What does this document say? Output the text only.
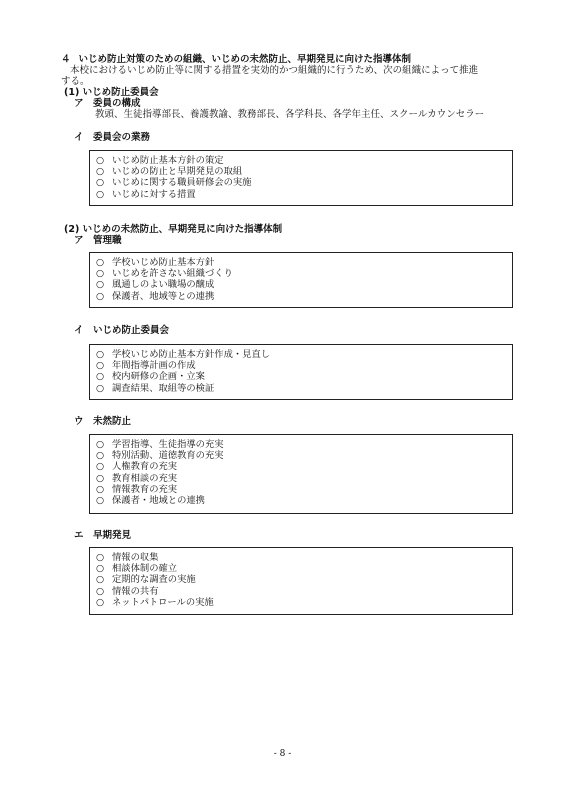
４ いじめ防止対策のための組織、いじめの未然防止、早期発見に向けた指導体制
本校におけるいじめ防止等に関する措置を実効的かつ組織的に行うため、次の組織によって推進
する。
(1) いじめ防止委員会
ア　委員の構成
教頭、生徒指導部長、養護教諭、教務部長、各学科長、各学年主任、スクールカウンセラー
イ　委員会の業務
○ いじめ防止基本方針の策定
○ いじめの防止と早期発見の取組
○ いじめに関する職員研修会の実施
○ いじめに対する措置
(2) いじめの未然防止、早期発見に向けた指導体制
ア　管理職
○ 学校いじめ防止基本方針
○ いじめを許さない組織づくり
○ 風通しのよい職場の醸成
○ 保護者、地域等との連携
イ　いじめ防止委員会
○ 学校いじめ防止基本方針作成・見直し
○ 年間指導計画の作成
○ 校内研修の企画・立案
○ 調査結果、取組等の検証
ウ　未然防止
○ 学習指導、生徒指導の充実
○ 特別活動、道徳教育の充実
○ 人権教育の充実
○ 教育相談の充実
○ 情報教育の充実
○ 保護者・地域との連携
エ　早期発見
○ 情報の収集
○ 相談体制の確立
○ 定期的な調査の実施
○ 情報の共有
○ ネットパトロールの実施
- 8 -
